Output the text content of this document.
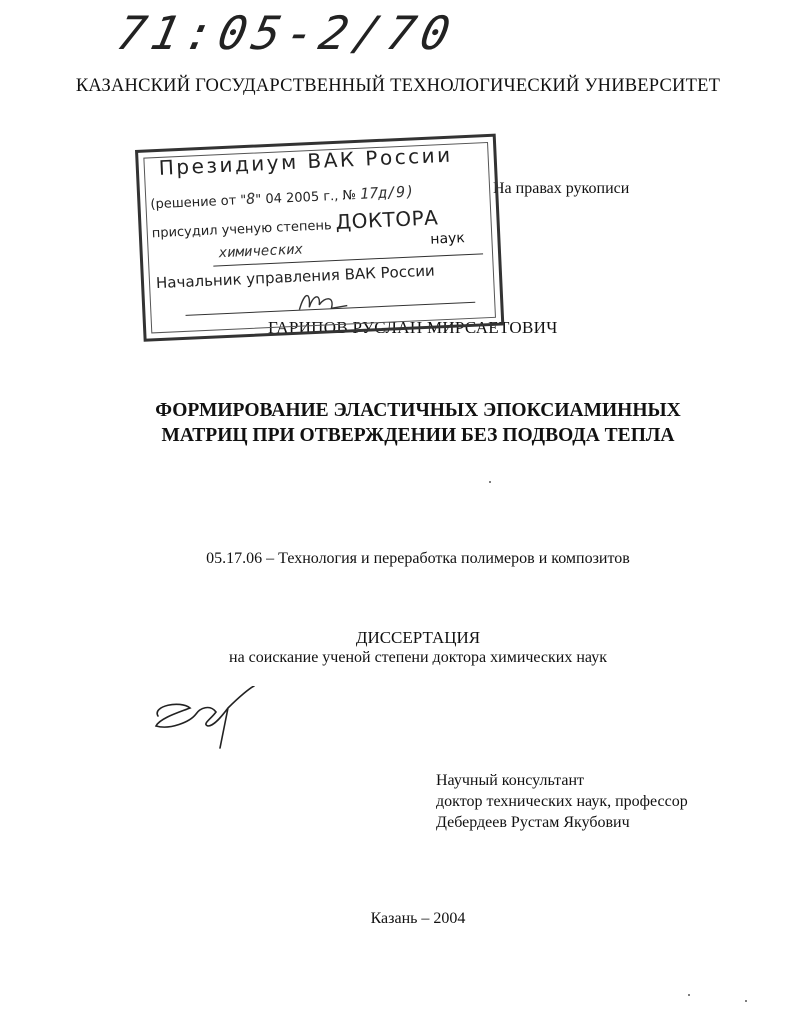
71:05-2/70
КАЗАНСКИЙ ГОСУДАРСТВЕННЫЙ ТЕХНОЛОГИЧЕСКИЙ УНИВЕРСИТЕТ
На правах рукописи
ГАРИПОВ РУСЛАН МИРСАЕТОВИЧ
Президиум ВАК России
(решение от "8" 04 2005 г., № 17д/9)
присудил ученую степень ДОКТОРА
химических
наук
Начальник управления ВАК России
ФОРМИРОВАНИЕ ЭЛАСТИЧНЫХ ЭПОКСИАМИННЫХ
МАТРИЦ ПРИ ОТВЕРЖДЕНИИ БЕЗ ПОДВОДА ТЕПЛА
05.17.06 – Технология и переработка полимеров и композитов
ДИССЕРТАЦИЯ
на соискание ученой степени доктора химических наук
Научный консультант
доктор технических наук, профессор
Дебердеев Рустам Якубович
Казань – 2004
